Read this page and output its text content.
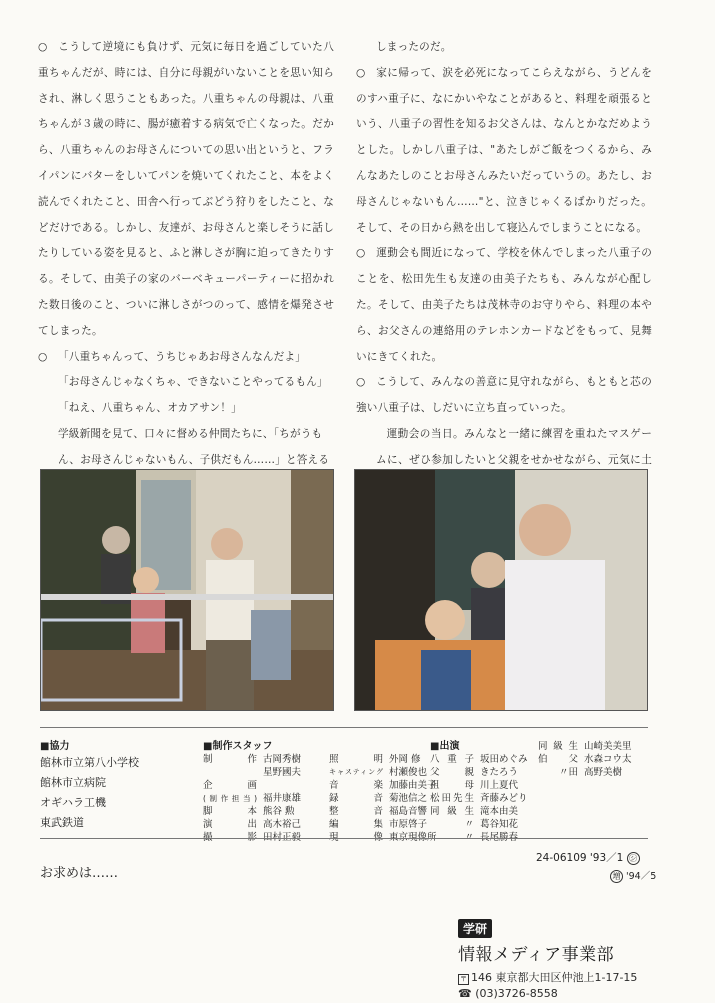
○ こうして逆境にも負けず、元気に毎日を過ごしていた八重ちゃんだが、時には、自分に母親がいないことを思い知らされ、淋しく思うこともあった。八重ちゃんの母親は、八重ちゃんが３歳の時に、腸が癒着する病気で亡くなった。だから、八重ちゃんのお母さんについての思い出というと、フライパンにバターをしいてパンを焼いてくれたこと、本をよく読んでくれたこと、田舎へ行ってぶどう狩りをしたこと、などだけである。しかし、友達が、お母さんと楽しそうに話したりしている姿を見ると、ふと淋しさが胸に迫ってきたりする。そして、由美子の家のバーベキューパーティーに招かれた数日後のこと、ついに淋しさがつのって、感情を爆発させてしまった。

○ 「八重ちゃんって、うちじゃあお母さんなんだよ」

「お母さんじゃなくちゃ、できないことやってるもん」

「ねえ、八重ちゃん、オカアサン！」

学級新聞を見て、口々に督める仲間たちに、「ちがうもん、お母さんじゃないもん、子供だもん……」と答える

しまったのだ。

○ 家に帰って、涙を必死になってこらえながら、うどんをのすハ重子に、なにかいやなことがあると、料理を頑張るという、八重子の習性を知るお父さんは、なんとかなだめようとした。しかし八重子は、"あたしがご飯をつくるから、みんなあたしのことお母さんみたいだっていうの。あたし、お母さんじゃないもん……"と、泣きじゃくるばかりだった。そして、その日から熱を出して寝込んでしまうことになる。

○ 運動会も間近になって、学校を休んでしまった八重子のことを、松田先生も友達の由美子たちも、みんなが心配した。そして、由美子たちは茂林寺のお守りやら、料理の本やら、お父さんの連絡用のテレホンカードなどをもって、見舞いにきてくれた。

○ こうして、みんなの善意に見守れながら、もともと芯の強い八重子は、しだいに立ち直っていった。

運動会の当日。みんなと一緒に練習を重ねたマスゲームに、ぜひ参加したいと父親をせかせながら、元気に土

■協力
館林市立第八小学校
館林市立病院
オギハラ工機
東武鉄道
■制作スタッフ
制作 古岡秀樹
星野國夫
企画
(制作担当) 福井康雄
脚本 熊谷 勲
演出 高木裕己
照明 外岡 修
キャスティング 村瀬俊也
音楽 加藤由美子
録音 菊池信之
整音 福島音響
編集 市原啓子
■出演
八重子 坂田めぐみ
父親 きたろう
祖母 川上夏代
松田先生 斉藤みどり
同級生 滝本由美
〃 葛谷知花
同級生 山崎美美里
伯父 水森コウ太
〃田 高野美樹
お求めは……
24-06109 '93／1 ㋛
増 '94／5
学研
情報メディア事業部
〒 146 東京都大田区仲池上1-17-15
☎ (03)3726-8558
